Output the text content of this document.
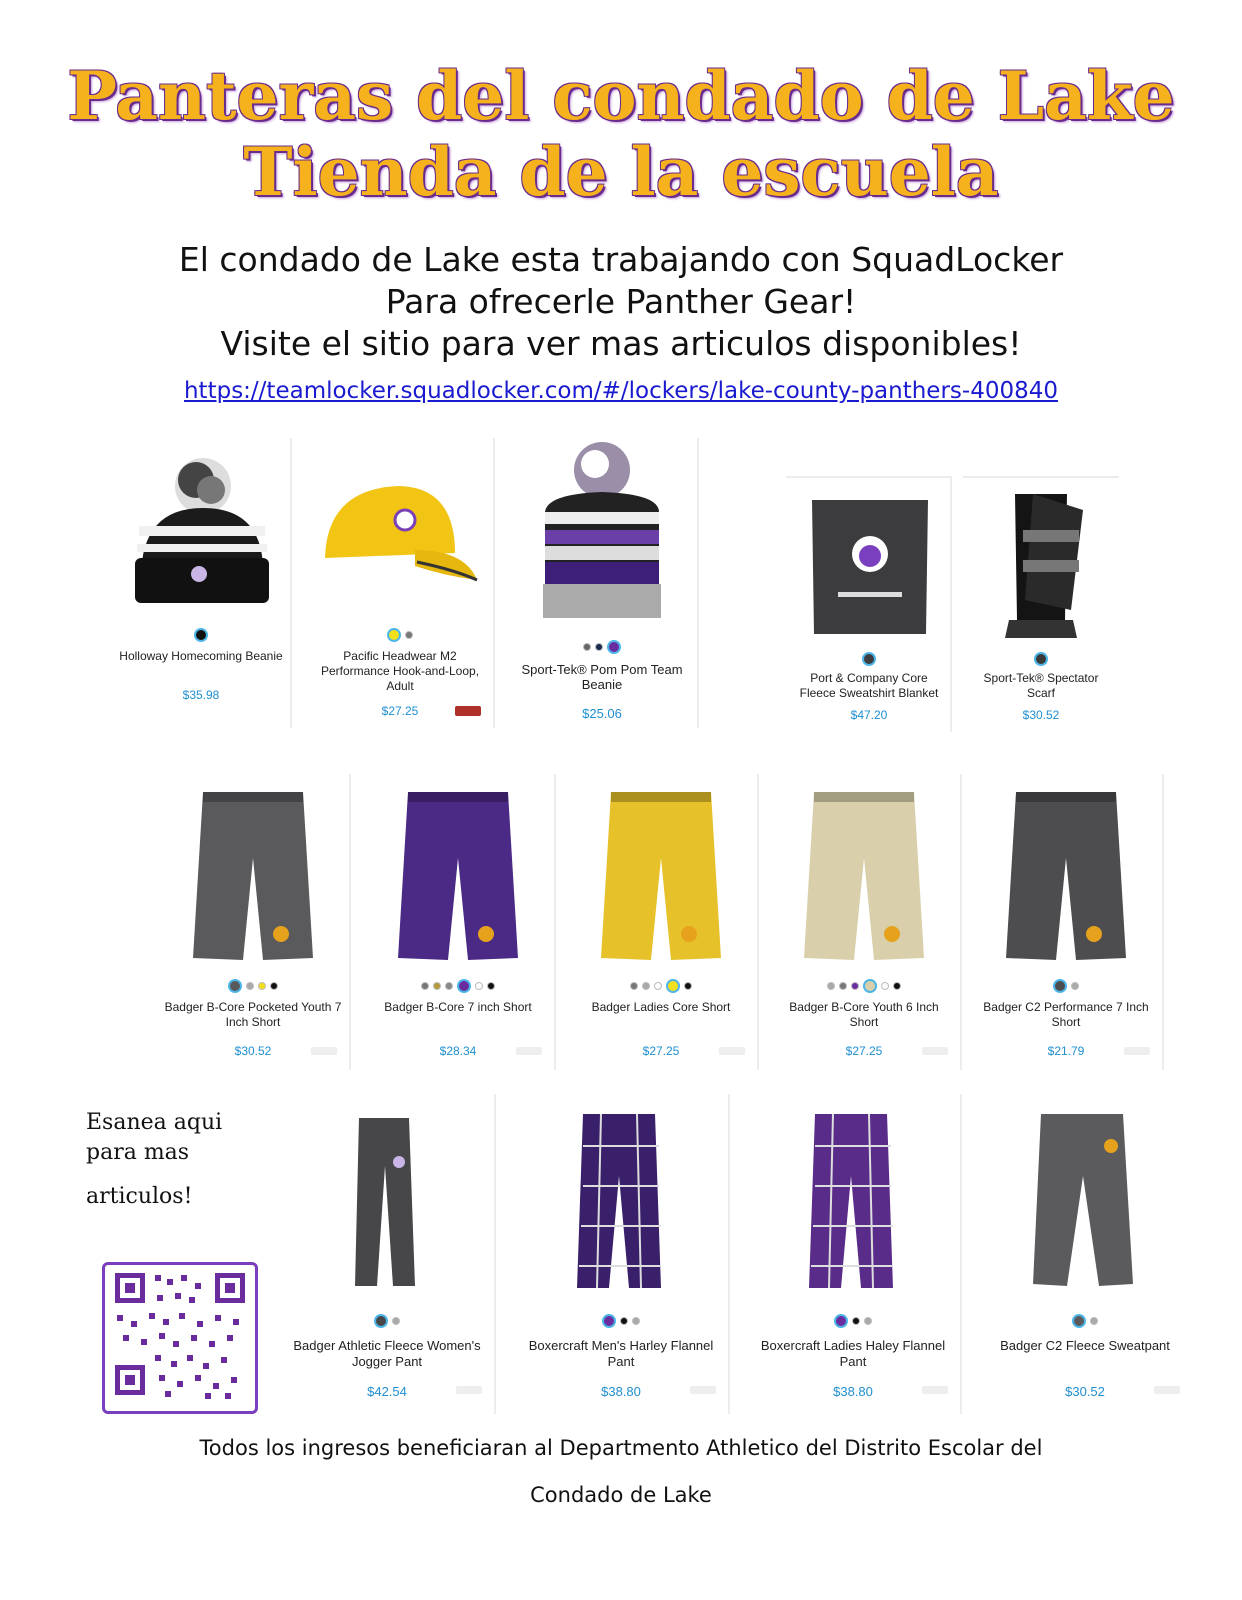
Panteras del condado de Lake
Tienda de la escuela
El condado de Lake esta trabajando con SquadLocker
Para ofrecerle Panther Gear!
Visite el sitio para ver mas articulos disponibles!
https://teamlocker.squadlocker.com/#/lockers/lake-county-panthers-400840
Holloway Homecoming Beanie
$35.98
Pacific Headwear M2 Performance Hook-and-Loop, Adult
$27.25
Sport-Tek® Pom Pom Team Beanie
$25.06
Port & Company Core Fleece Sweatshirt Blanket
$47.20
Sport-Tek® Spectator Scarf
$30.52
Badger B-Core Pocketed Youth 7 Inch Short
$30.52
Badger B-Core 7 inch Short
$28.34
Badger Ladies Core Short
$27.25
Badger B-Core Youth 6 Inch Short
$27.25
Badger C2 Performance 7 Inch Short
$21.79
Badger Athletic Fleece Women's Jogger Pant
$42.54
Boxercraft Men's Harley Flannel Pant
$38.80
Boxercraft Ladies Haley Flannel Pant
$38.80
Badger C2 Fleece Sweatpant
$30.52
Esanea aqui
para mas
articulos!
Todos los ingresos beneficiaran al Departmento Athletico del Distrito Escolar del
Condado de Lake
